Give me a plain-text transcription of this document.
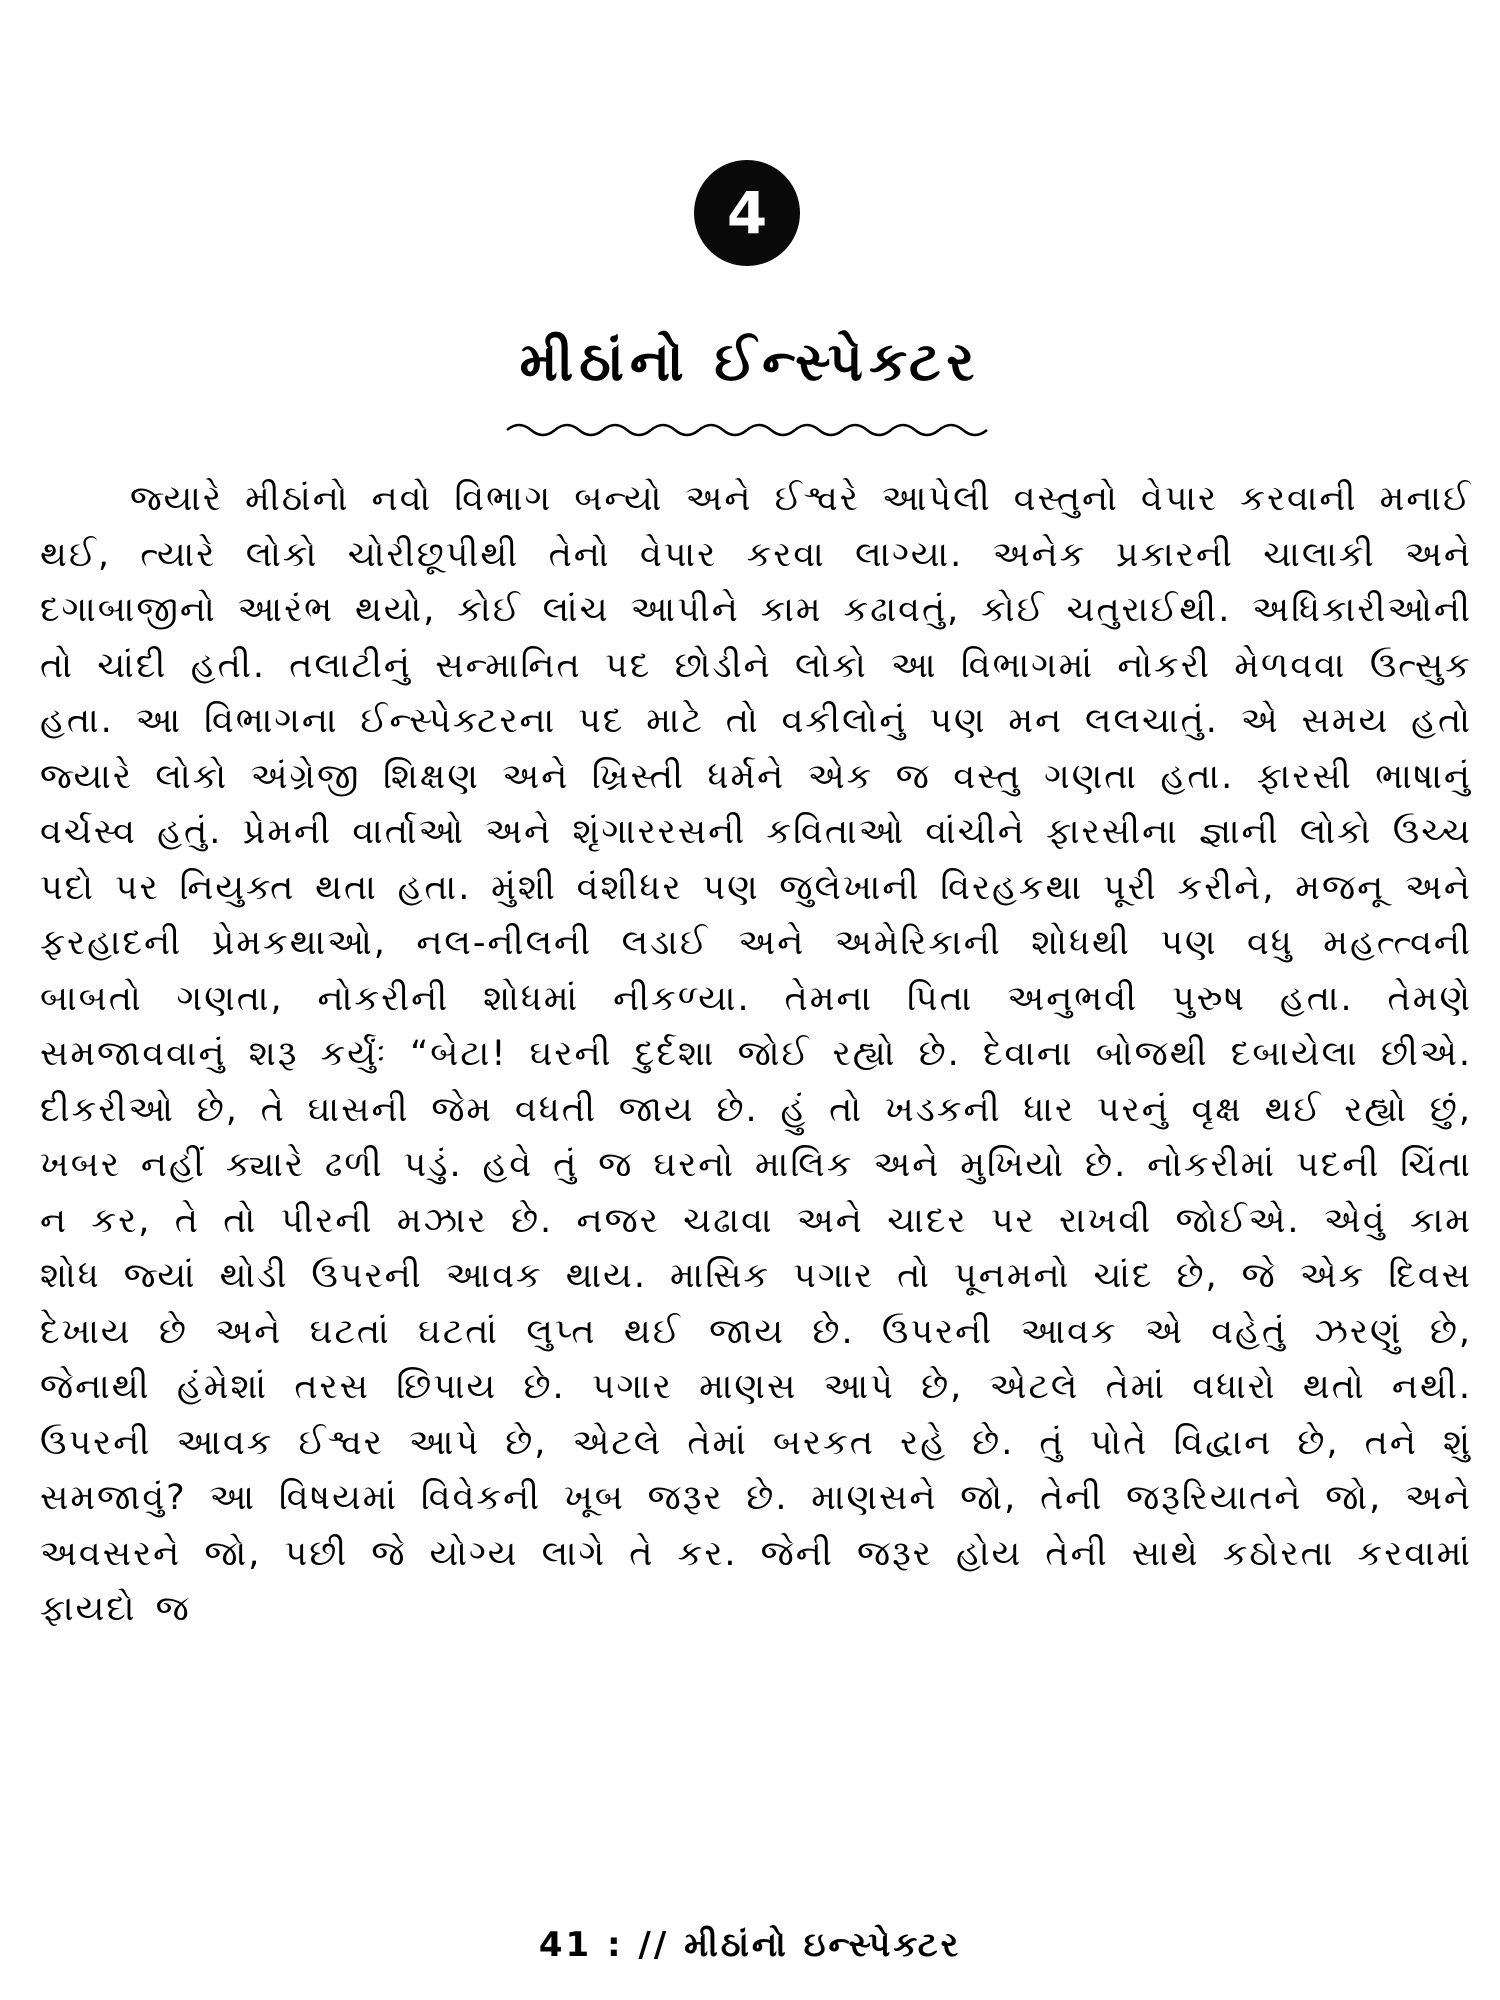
4
મીઠાંનો ઈન્સ્પેક્ટર

જ્યારે મીઠાંનો નવો વિભાગ બન્યો અને ઈશ્વરે આપેલી વસ્તુનો વેપાર કરવાની મનાઈ થઈ, ત્યારે લોકો ચોરીછૂપીથી તેનો વેપાર કરવા લાગ્યા. અનેક પ્રકારની ચાલાકી અને દગાબાજીનો આરંભ થયો, કોઈ લાંચ આપીને કામ કઢાવતું, કોઈ ચતુરાઈથી. અધિકારીઓની તો ચાંદી હતી. તલાટીનું સન્માનિત પદ છોડીને લોકો આ વિભાગમાં નોકરી મેળવવા ઉત્સુક હતા. આ વિભાગના ઈન્સ્પેક્ટરના પદ માટે તો વકીલોનું પણ મન લલચાતું. એ સમય હતો જ્યારે લોકો અંગ્રેજી શિક્ષણ અને ખ્રિસ્તી ધર્મને એક જ વસ્તુ ગણતા હતા. ફારસી ભાષાનું વર્ચસ્વ હતું. પ્રેમની વાર્તાઓ અને શૃંગારરસની કવિતાઓ વાંચીને ફારસીના જ્ઞાની લોકો ઉચ્ચ પદો પર નિયુક્ત થતા હતા. મુંશી વંશીધર પણ જુલેખાની વિરહકથા પૂરી કરીને, મજનૂ અને ફરહાદની પ્રેમકથાઓ, નલ-નીલની લડાઈ અને અમેરિકાની શોધથી પણ વધુ મહત્ત્વની બાબતો ગણતા, નોકરીની શોધમાં નીકળ્યા. તેમના પિતા અનુભવી પુરુષ હતા. તેમણે સમજાવવાનું શરૂ કર્યુંઃ “બેટા! ઘરની દુર્દશા જોઈ રહ્યો છે. દેવાના બોજથી દબાયેલા છીએ. દીકરીઓ છે, તે ઘાસની જેમ વધતી જાય છે. હું તો ખડકની ધાર પરનું વૃક્ષ થઈ રહ્યો છું, ખબર નહીં ક્યારે ઢળી પડું. હવે તું જ ઘરનો માલિક અને મુખિયો છે. નોકરીમાં પદની ચિંતા ન કર, તે તો પીરની મઝાર છે. નજર ચઢાવા અને ચાદર પર રાખવી જોઈએ. એવું કામ શોધ જ્યાં થોડી ઉપરની આવક થાય. માસિક પગાર તો પૂનમનો ચાંદ છે, જે એક દિવસ દેખાય છે અને ઘટતાં ઘટતાં લુપ્ત થઈ જાય છે. ઉપરની આવક એ વહેતું ઝરણું છે, જેનાથી હંમેશાં તરસ છિપાય છે. પગાર માણસ આપે છે, એટલે તેમાં વધારો થતો નથી. ઉપરની આવક ઈશ્વર આપે છે, એટલે તેમાં બરકત રહે છે. તું પોતે વિદ્વાન છે, તને શું સમજાવું? આ વિષયમાં વિવેકની ખૂબ જરૂર છે. માણસને જો, તેની જરૂરિયાતને જો, અને અવસરને જો, પછી જે યોગ્ય લાગે તે કર. જેની જરૂર હોય તેની સાથે કઠોરતા કરવામાં ફાયદો જ

41 : // મીઠાંનો ઇન્સ્પેક્ટર
